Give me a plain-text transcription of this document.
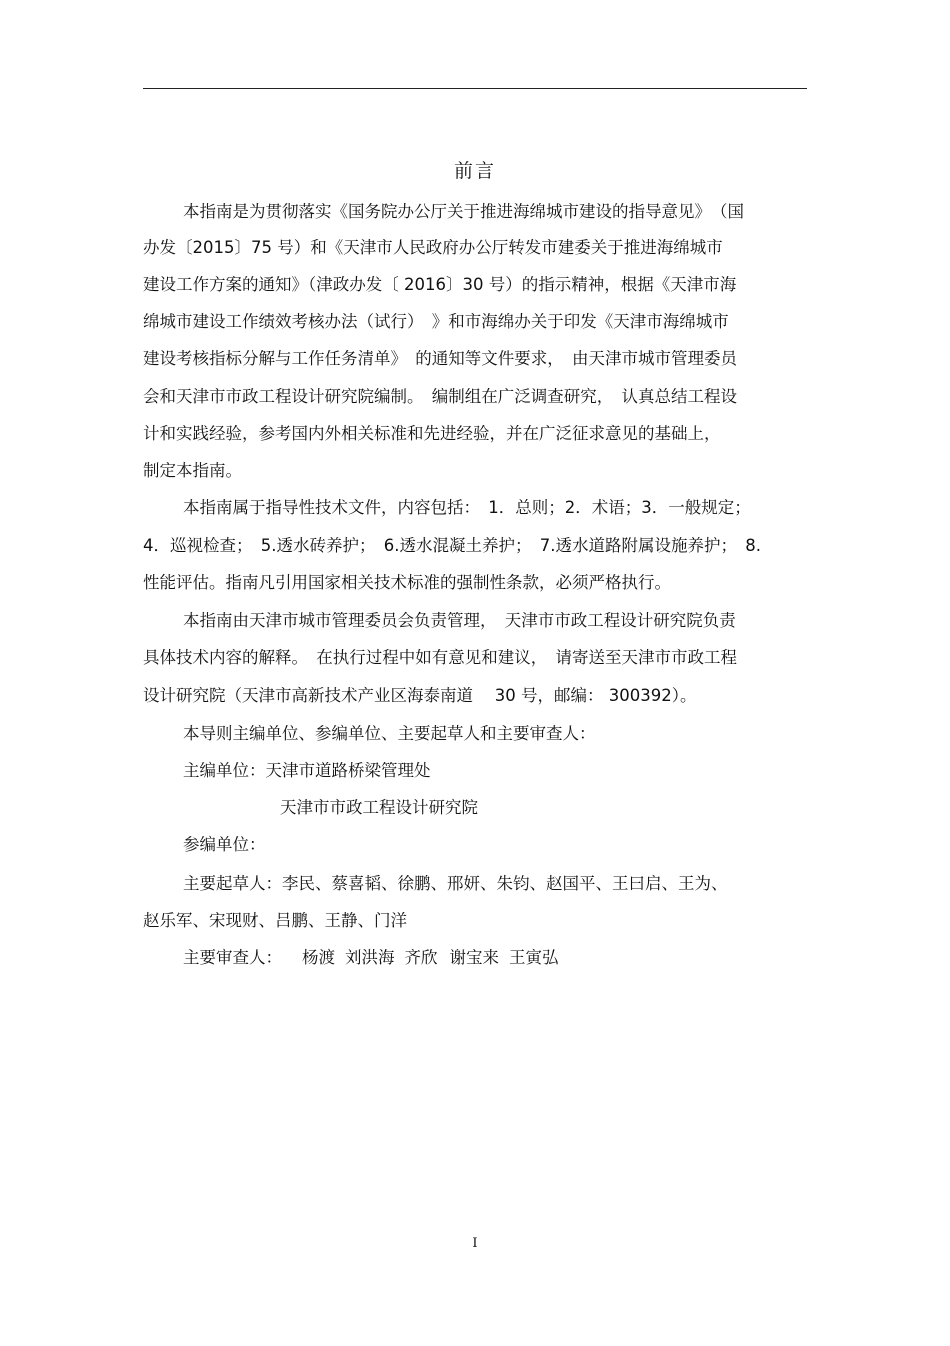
前言
本指南是为贯彻落实《国务院办公厅关于推进海绵城市建设的指导意见》　（国
办发〔2015〕75 号）和《天津市人民政府办公厅转发市建委关于推进海绵城市
建设工作方案的通知》（津政办发〔 2016〕30 号）的指示精神，根据《天津市海
绵城市建设工作绩效考核办法（试行）　》和市海绵办关于印发《天津市海绵城市
建设考核指标分解与工作任务清单》　的通知等文件要求，　由天津市城市管理委员
会和天津市市政工程设计研究院编制。　编制组在广泛调查研究，　认真总结工程设
计和实践经验，参考国内外相关标准和先进经验，并在广泛征求意见的基础上，
制定本指南。
本指南属于指导性技术文件，内容包括：　1．总则；2．术语；3．一般规定；
4．巡视检查；　5.透水砖养护；　6.透水混凝土养护；　7.透水道路附属设施养护；　8.
性能评估。指南凡引用国家相关技术标准的强制性条款，必须严格执行。
本指南由天津市城市管理委员会负责管理，　天津市市政工程设计研究院负责
具体技术内容的解释。　在执行过程中如有意见和建议，　请寄送至天津市市政工程
设计研究院（天津市高新技术产业区海泰南道　 30 号，邮编： 300392）。
本导则主编单位、参编单位、主要起草人和主要审查人：
主编单位：天津市道路桥梁管理处
天津市市政工程设计研究院
参编单位：
主要起草人：李民、蔡喜韬、徐鹏、邢妍、朱钧、赵国平、王曰启、王为、
赵乐军、宋现财、吕鹏、王静、门洋
主要审查人： 杨渡 刘洪海 齐欣 谢宝来 王寅弘
I
